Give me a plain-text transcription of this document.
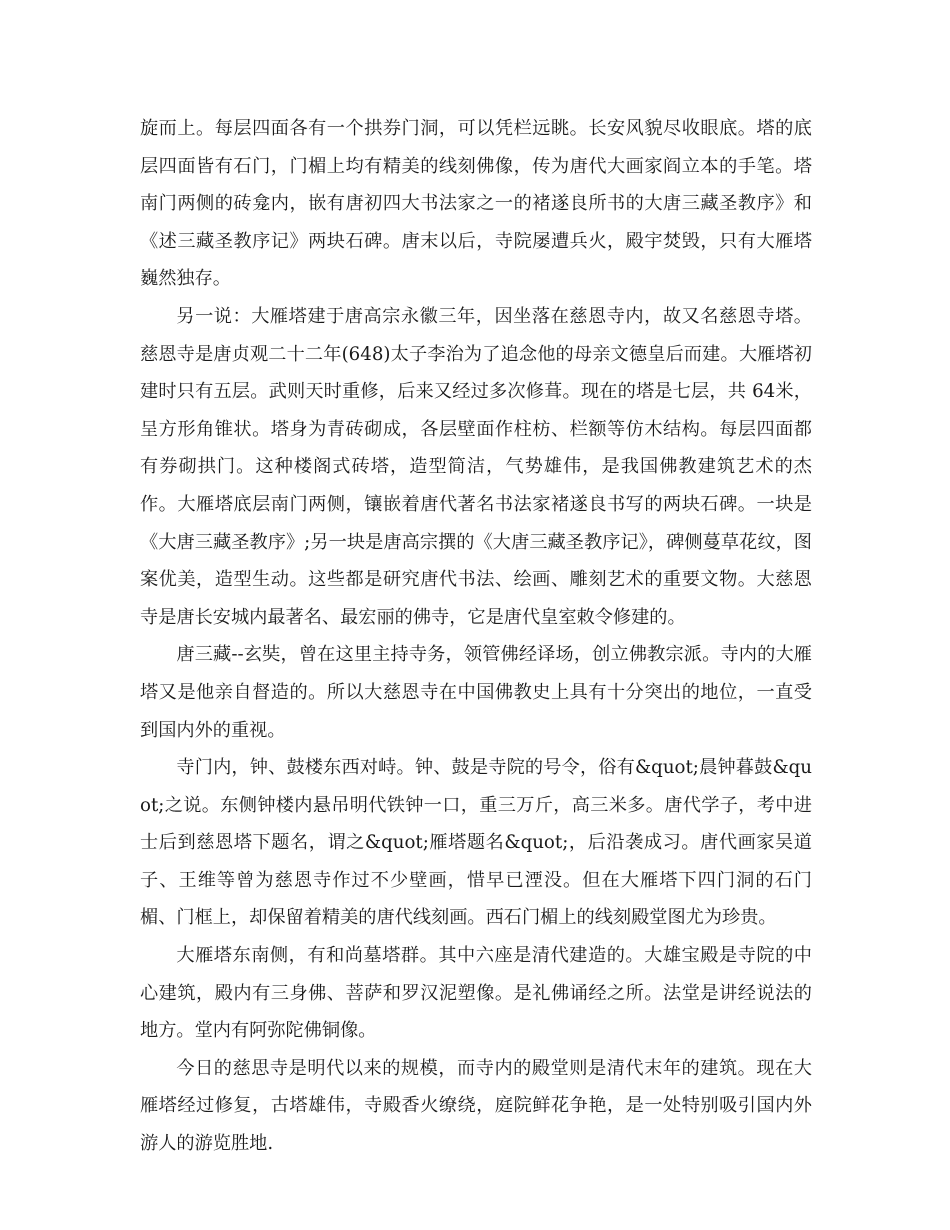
旋而上。每层四面各有一个拱券门洞，可以凭栏远眺。长安风貌尽收眼底。塔的底层四面皆有石门，门楣上均有精美的线刻佛像，传为唐代大画家阎立本的手笔。塔南门两侧的砖龛内，嵌有唐初四大书法家之一的褚遂良所书的大唐三藏圣教序》和《述三藏圣教序记》两块石碑。唐末以后，寺院屡遭兵火，殿宇焚毁，只有大雁塔巍然独存。

另一说：大雁塔建于唐高宗永徽三年，因坐落在慈恩寺内，故又名慈恩寺塔。慈恩寺是唐贞观二十二年(648)太子李治为了追念他的母亲文德皇后而建。大雁塔初建时只有五层。武则天时重修，后来又经过多次修葺。现在的塔是七层，共 64米，呈方形角锥状。塔身为青砖砌成，各层壁面作柱枋、栏额等仿木结构。每层四面都有券砌拱门。这种楼阁式砖塔，造型简洁，气势雄伟，是我国佛教建筑艺术的杰作。大雁塔底层南门两侧，镶嵌着唐代著名书法家褚遂良书写的两块石碑。一块是《大唐三藏圣教序》;另一块是唐高宗撰的《大唐三藏圣教序记》，碑侧蔓草花纹，图案优美，造型生动。这些都是研究唐代书法、绘画、雕刻艺术的重要文物。大慈恩寺是唐长安城内最著名、最宏丽的佛寺，它是唐代皇室敕令修建的。

唐三藏--玄奘，曾在这里主持寺务，领管佛经译场，创立佛教宗派。寺内的大雁塔又是他亲自督造的。所以大慈恩寺在中国佛教史上具有十分突出的地位，一直受到国内外的重视。

寺门内，钟、鼓楼东西对峙。钟、鼓是寺院的号令，俗有&quot;晨钟暮鼓&quot;之说。东侧钟楼内悬吊明代铁钟一口，重三万斤，高三米多。唐代学子，考中进士后到慈恩塔下题名，谓之&quot;雁塔题名&quot;，后沿袭成习。唐代画家吴道子、王维等曾为慈恩寺作过不少壁画，惜早已湮没。但在大雁塔下四门洞的石门楣、门框上，却保留着精美的唐代线刻画。西石门楣上的线刻殿堂图尤为珍贵。

大雁塔东南侧，有和尚墓塔群。其中六座是清代建造的。大雄宝殿是寺院的中心建筑，殿内有三身佛、菩萨和罗汉泥塑像。是礼佛诵经之所。法堂是讲经说法的地方。堂内有阿弥陀佛铜像。

今日的慈思寺是明代以来的规模，而寺内的殿堂则是清代末年的建筑。现在大雁塔经过修复，古塔雄伟，寺殿香火缭绕，庭院鲜花争艳，是一处特别吸引国内外游人的游览胜地.
